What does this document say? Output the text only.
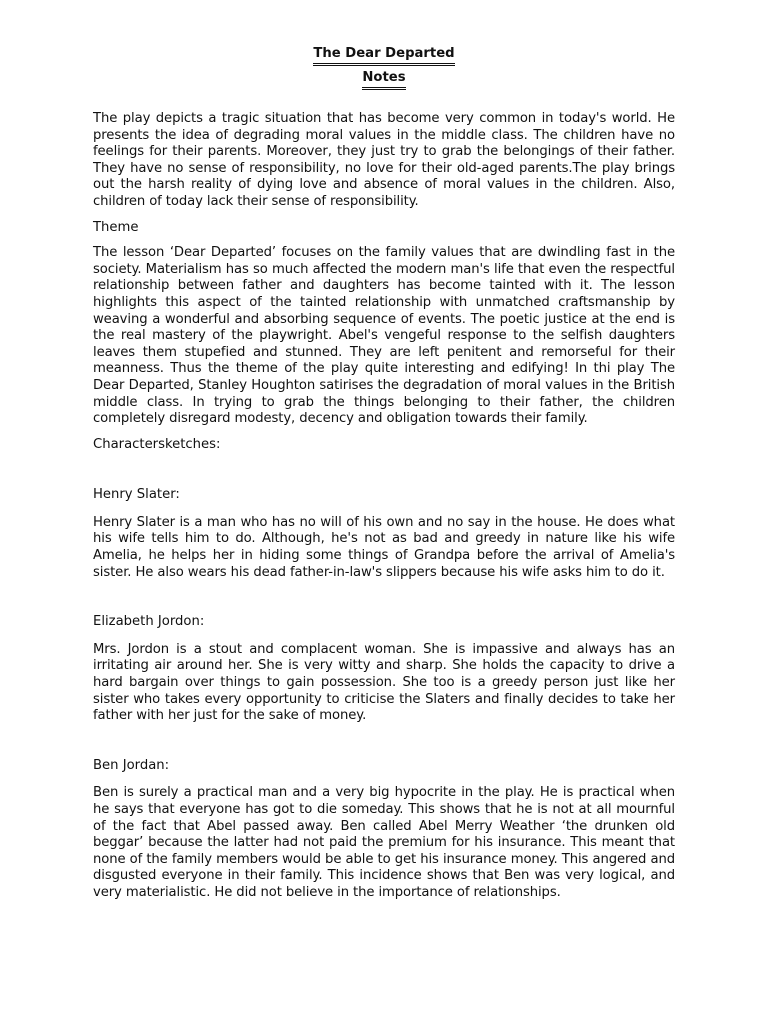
The Dear Departed
Notes

The play depicts a tragic situation that has become very common in today's world. He presents the idea of degrading moral values in the middle class. The children have no feelings for their parents. Moreover, they just try to grab the belongings of their father. They have no sense of responsibility, no love for their old-aged parents.The play brings out the harsh reality of dying love and absence of moral values in the children. Also, children of today lack their sense of responsibility.

Theme

The lesson ‘Dear Departed’ focuses on the family values that are dwindling fast in the society. Materialism has so much affected the modern man's life that even the respectful relationship between father and daughters has become tainted with it. The lesson highlights this aspect of the tainted relationship with unmatched craftsmanship by weaving a wonderful and absorbing sequence of events. The poetic justice at the end is the real mastery of the playwright. Abel's vengeful response to the selfish daughters leaves them stupefied and stunned. They are left penitent and remorseful for their meanness. Thus the theme of the play quite interesting and edifying! In thi play The Dear Departed, Stanley Houghton satirises the degradation of moral values in the British middle class. In trying to grab the things belonging to their father, the children completely disregard modesty, decency and obligation towards their family.

Charactersketches:

Henry Slater:

Henry Slater is a man who has no will of his own and no say in the house. He does what his wife tells him to do. Although, he's not as bad and greedy in nature like his wife Amelia, he helps her in hiding some things of Grandpa before the arrival of Amelia's sister. He also wears his dead father-in-law's slippers because his wife asks him to do it.

Elizabeth Jordon:

Mrs. Jordon is a stout and complacent woman. She is impassive and always has an irritating air around her. She is very witty and sharp. She holds the capacity to drive a hard bargain over things to gain possession. She too is a greedy person just like her sister who takes every opportunity to criticise the Slaters and finally decides to take her father with her just for the sake of money.

Ben Jordan:

Ben is surely a practical man and a very big hypocrite in the play. He is practical when he says that everyone has got to die someday. This shows that he is not at all mournful of the fact that Abel passed away. Ben called Abel Merry Weather ‘the drunken old beggar’ because the latter had not paid the premium for his insurance. This meant that none of the family members would be able to get his insurance money. This angered and disgusted everyone in their family. This incidence shows that Ben was very logical, and very materialistic. He did not believe in the importance of relationships.
